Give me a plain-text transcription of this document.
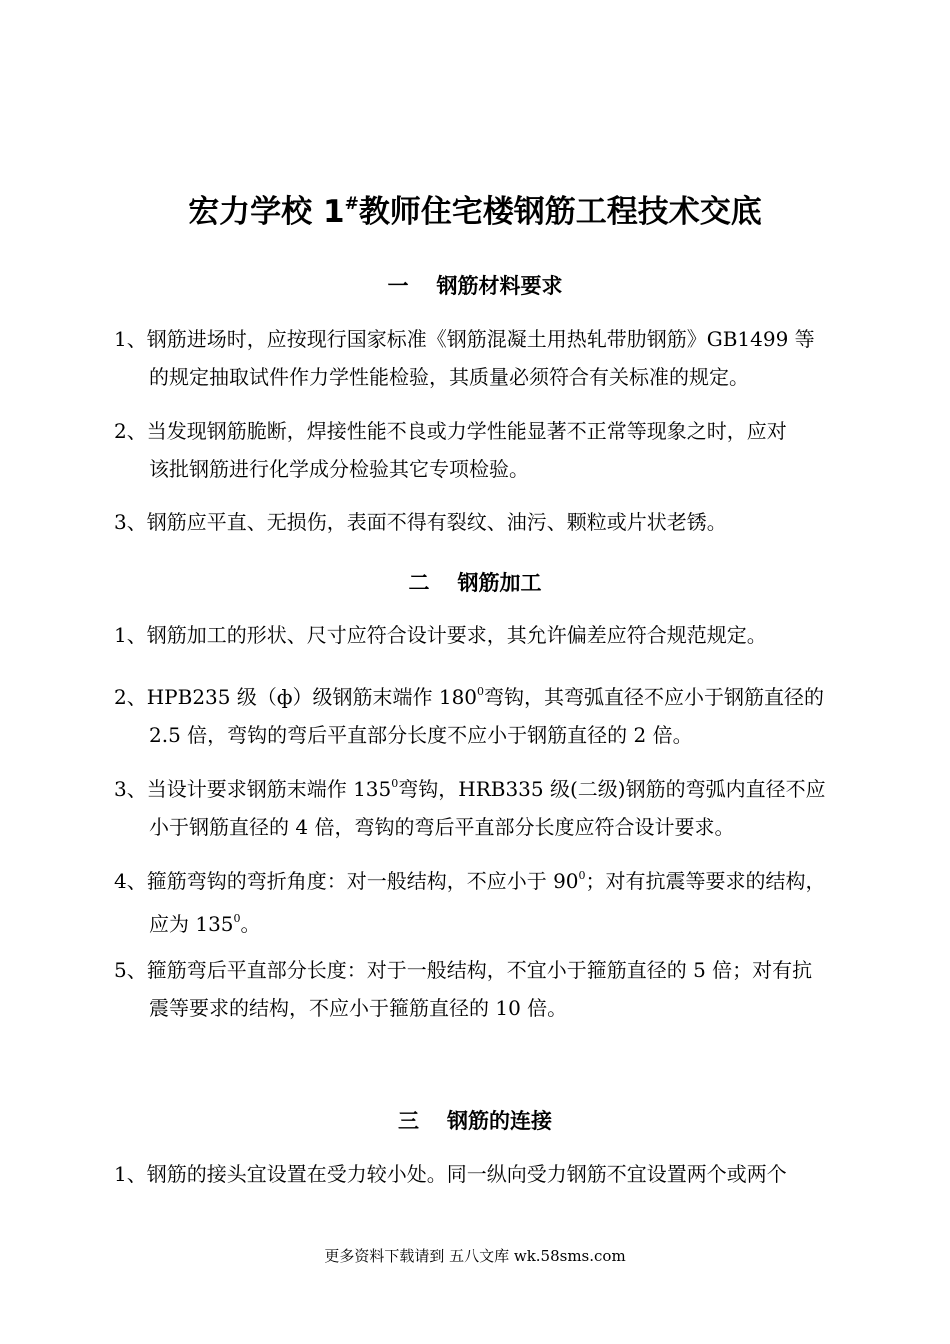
宏力学校 1#教师住宅楼钢筋工程技术交底
一 钢筋材料要求
1、钢筋进场时，应按现行国家标准《钢筋混凝土用热轧带肋钢筋》GB1499 等
的规定抽取试件作力学性能检验，其质量必须符合有关标准的规定。
2、当发现钢筋脆断，焊接性能不良或力学性能显著不正常等现象之时，应对
该批钢筋进行化学成分检验其它专项检验。
3、钢筋应平直、无损伤，表面不得有裂纹、油污、颗粒或片状老锈。
二 钢筋加工
1、钢筋加工的形状、尺寸应符合设计要求，其允许偏差应符合规范规定。
2、HPB235 级（ф）级钢筋末端作 $180^0$弯钩，其弯弧直径不应小于钢筋直径的
2.5 倍，弯钩的弯后平直部分长度不应小于钢筋直径的 2 倍。
3、当设计要求钢筋末端作 $135^0$弯钩，HRB335 级(二级)钢筋的弯弧内直径不应
小于钢筋直径的 4 倍，弯钩的弯后平直部分长度应符合设计要求。
4、箍筋弯钩的弯折角度：对一般结构，不应小于 $90^0$；对有抗震等要求的结构，
应为 $135^0$。
5、箍筋弯后平直部分长度：对于一般结构，不宜小于箍筋直径的 5 倍；对有抗
震等要求的结构，不应小于箍筋直径的 10 倍。
三 钢筋的连接
1、钢筋的接头宜设置在受力较小处。同一纵向受力钢筋不宜设置两个或两个
更多资料下载请到 五八文库 wk.58sms.com
